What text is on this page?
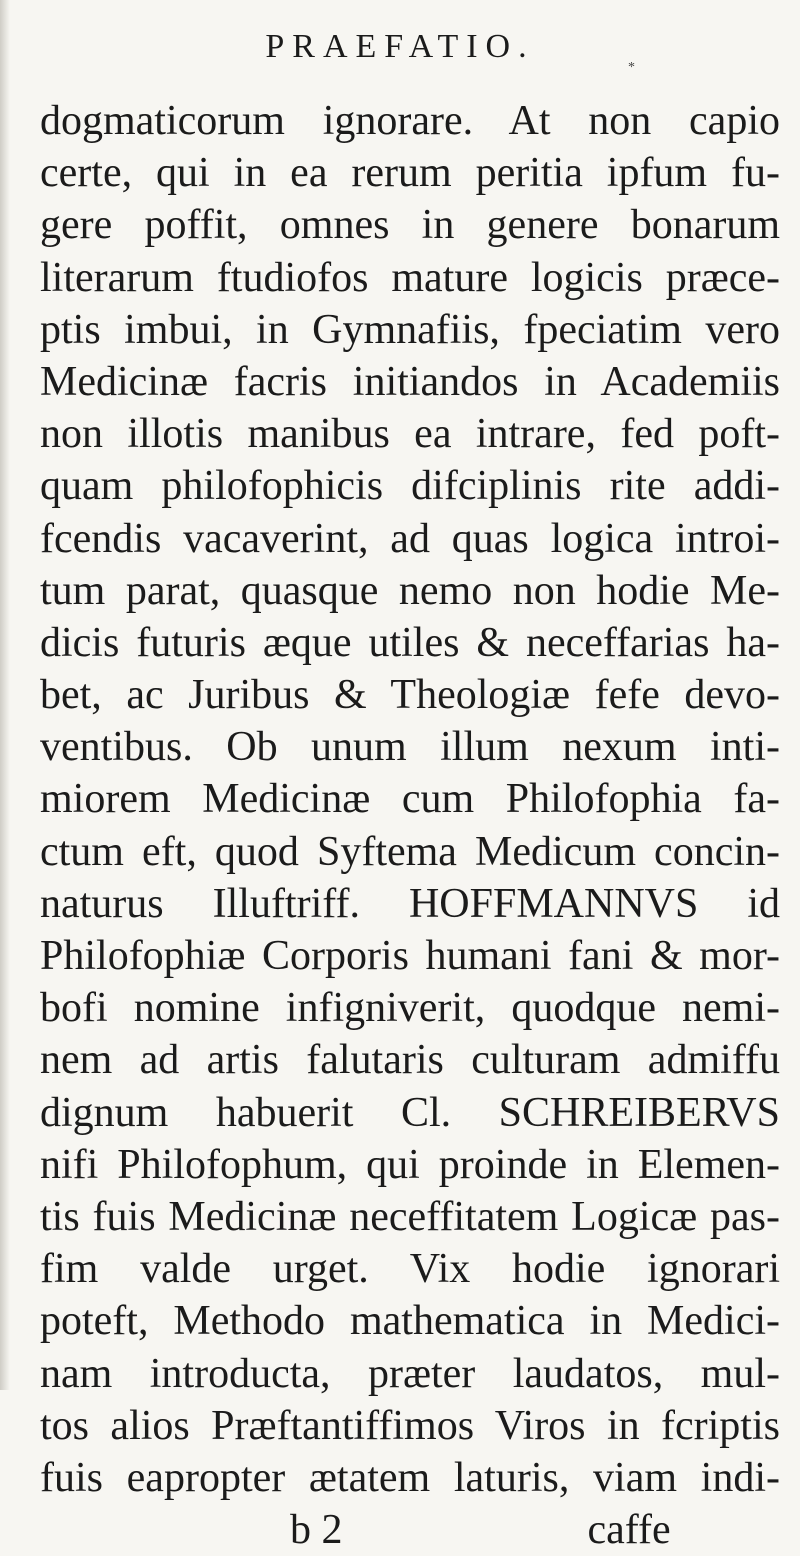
PRAEFATIO.
*
dogmaticorum ignorare. At non capio
certe, qui in ea rerum peritia ipfum fu-
gere poffit, omnes in genere bonarum
literarum ftudiofos mature logicis præce-
ptis imbui, in Gymnafiis, fpeciatim vero
Medicinæ facris initiandos in Academiis
non illotis manibus ea intrare, fed poft-
quam philofophicis difciplinis rite addi-
fcendis vacaverint, ad quas logica introi-
tum parat, quasque nemo non hodie Me-
dicis futuris æque utiles & neceffarias ha-
bet, ac Juribus & Theologiæ fefe devo-
ventibus. Ob unum illum nexum inti-
miorem Medicinæ cum Philofophia fa-
ctum eft, quod Syftema Medicum concin-
naturus Illuftriff. HOFFMANNVS id
Philofophiæ Corporis humani fani & mor-
bofi nomine infigniverit, quodque nemi-
nem ad artis falutaris culturam admiffu
dignum habuerit Cl. SCHREIBERVS
nifi Philofophum, qui proinde in Elemen-
tis fuis Medicinæ neceffitatem Logicæ pas-
fim valde urget. Vix hodie ignorari
poteft, Methodo mathematica in Medici-
nam introducta, præter laudatos, mul-
tos alios Præftantiffimos Viros in fcriptis
fuis eapropter ætatem laturis, viam indi-
b 2	caffe
